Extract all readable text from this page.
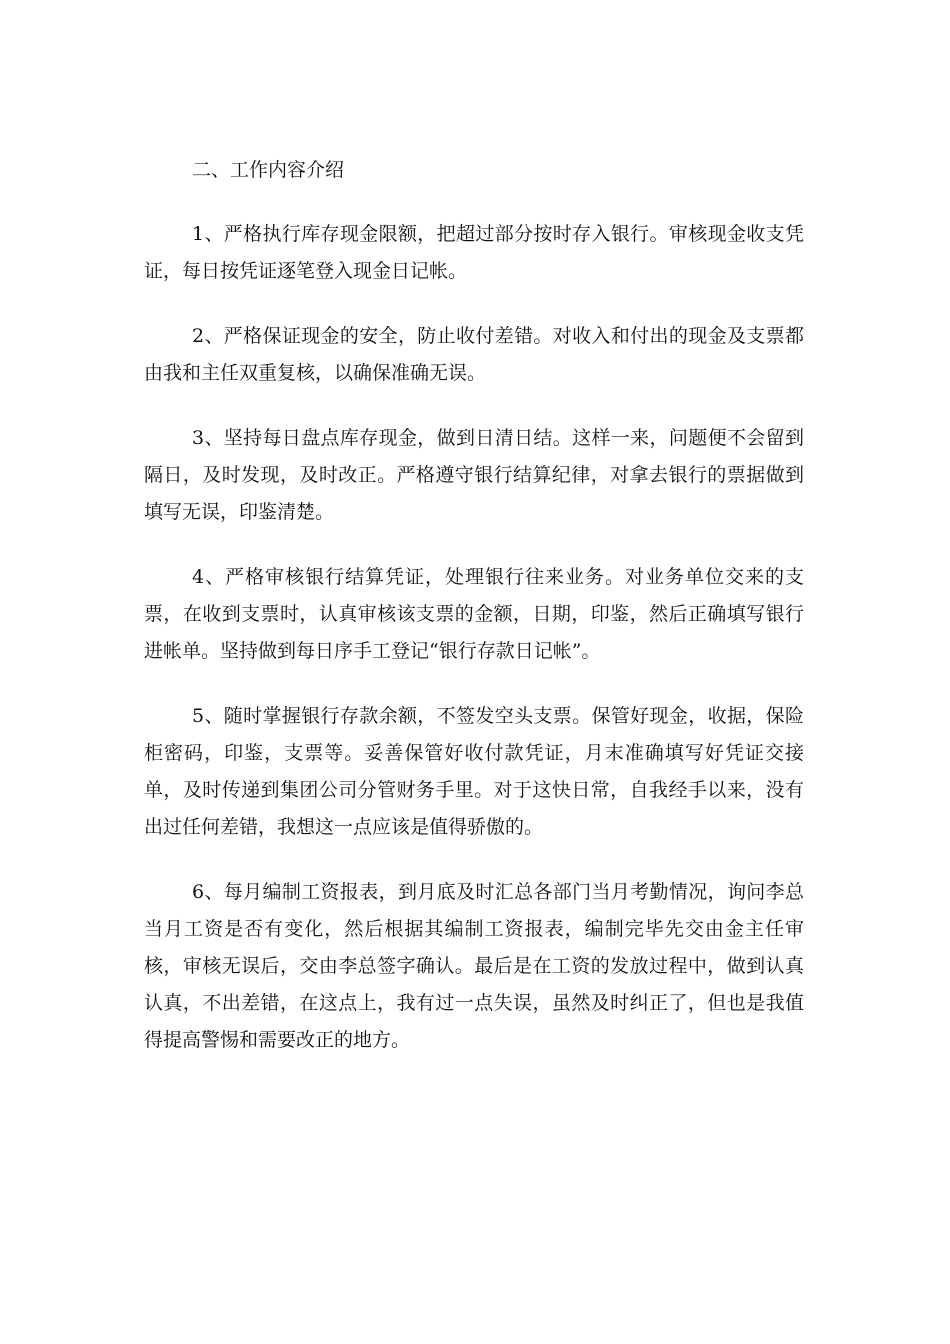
二、工作内容介绍

1、严格执行库存现金限额，把超过部分按时存入银行。审核现金收支凭证，每日按凭证逐笔登入现金日记帐。

2、严格保证现金的安全，防止收付差错。对收入和付出的现金及支票都由我和主任双重复核，以确保准确无误。

3、坚持每日盘点库存现金，做到日清日结。这样一来，问题便不会留到隔日，及时发现，及时改正。严格遵守银行结算纪律，对拿去银行的票据做到填写无误，印鉴清楚。

4、严格审核银行结算凭证，处理银行往来业务。对业务单位交来的支票，在收到支票时，认真审核该支票的金额，日期，印鉴，然后正确填写银行进帐单。坚持做到每日序手工登记“银行存款日记帐”。

5、随时掌握银行存款余额，不签发空头支票。保管好现金，收据，保险柜密码，印鉴，支票等。妥善保管好收付款凭证，月末准确填写好凭证交接单，及时传递到集团公司分管财务手里。对于这快日常，自我经手以来，没有出过任何差错，我想这一点应该是值得骄傲的。

6、每月编制工资报表，到月底及时汇总各部门当月考勤情况，询问李总当月工资是否有变化，然后根据其编制工资报表，编制完毕先交由金主任审核，审核无误后，交由李总签字确认。最后是在工资的发放过程中，做到认真认真，不出差错，在这点上，我有过一点失误，虽然及时纠正了，但也是我值得提高警惕和需要改正的地方。
